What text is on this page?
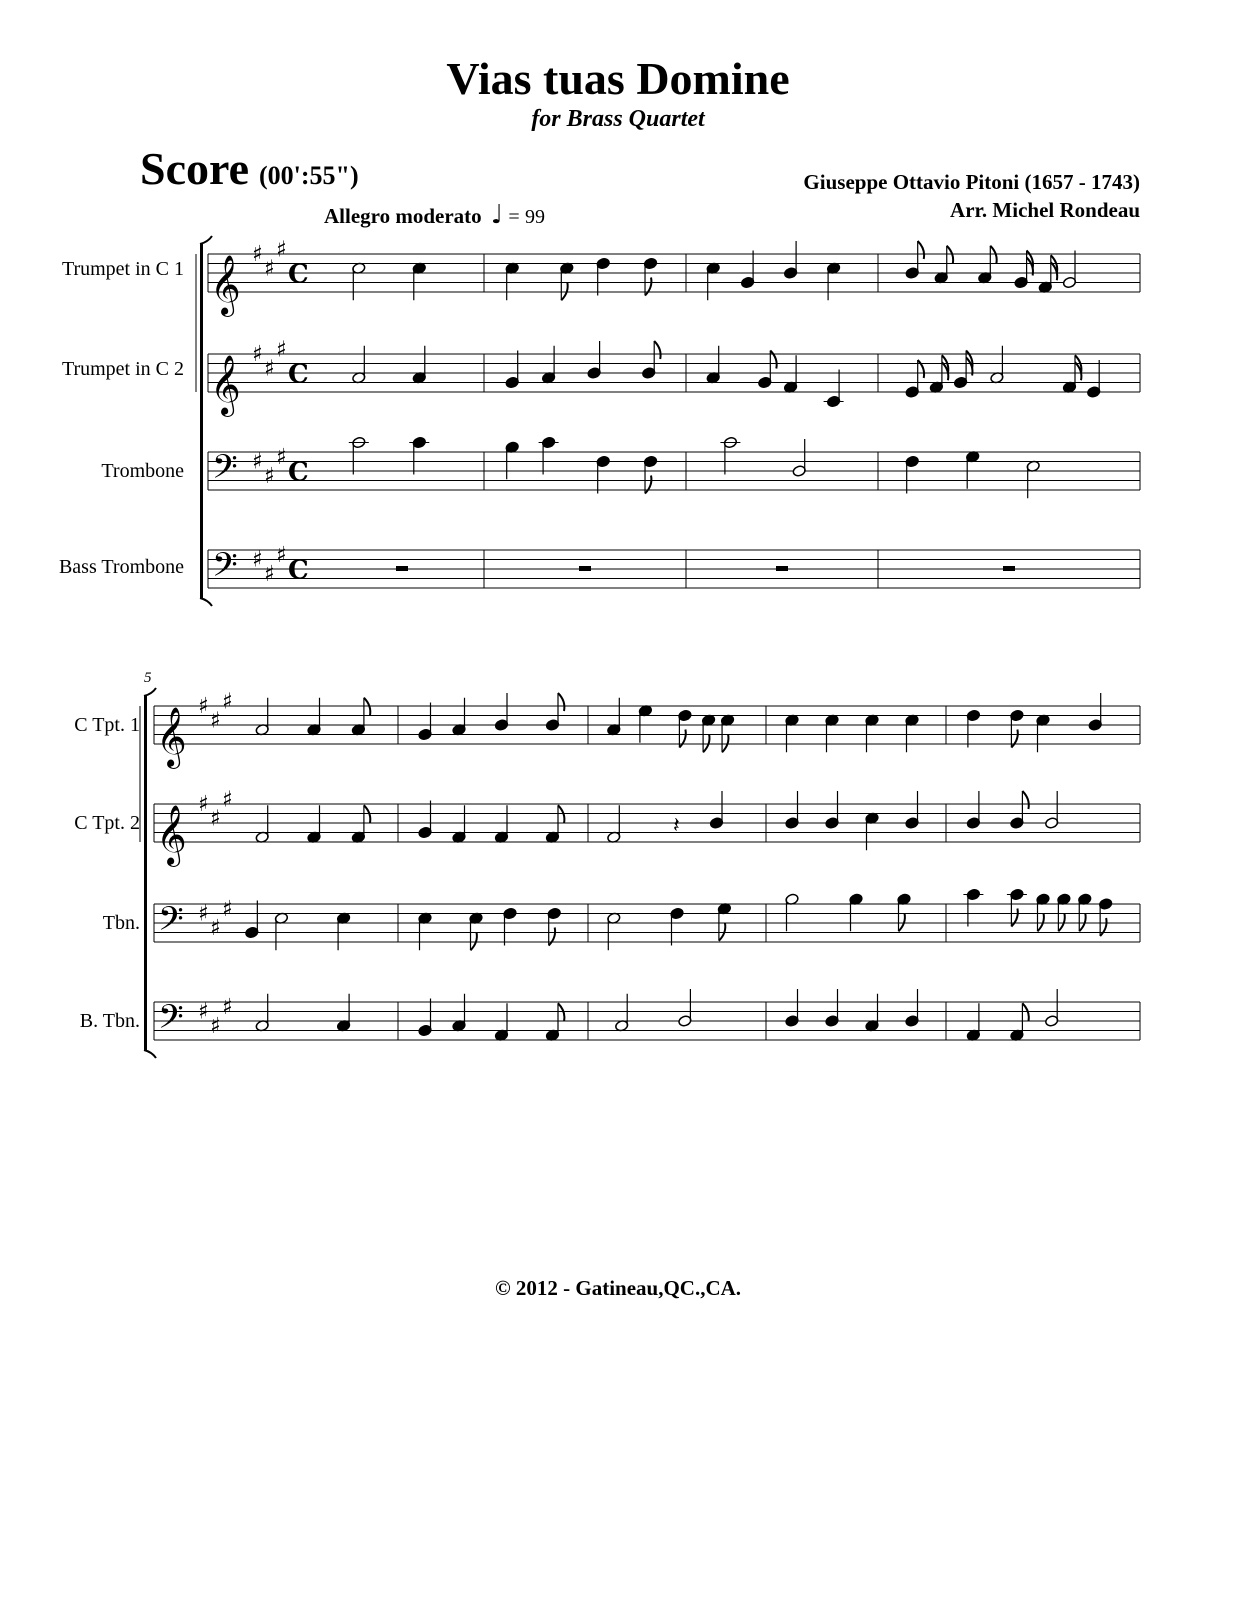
Vias tuas Domine
for Brass Quartet
Score (00':55")	Giuseppe Ottavio Pitoni (1657 - 1743)
Arr. Michel Rondeau
Allegro moderato ♩ = 99
Trumpet in C 1
Trumpet in C 2
Trombone
Bass Trombone
5
C Tpt. 1
C Tpt. 2
Tbn.
B. Tbn.
𝄞
♯
♯
♯
C
𝄞
♯
♯
♯
C
𝄢 ♯
♯
♯
C
𝄢 ♯
♯
♯
C
𝄞
♯
♯
♯
𝄞
♯
♯
♯
𝄽
𝄢 ♯
♯
♯
𝄢 ♯
♯
♯
© 2012 - Gatineau,QC.,CA.
